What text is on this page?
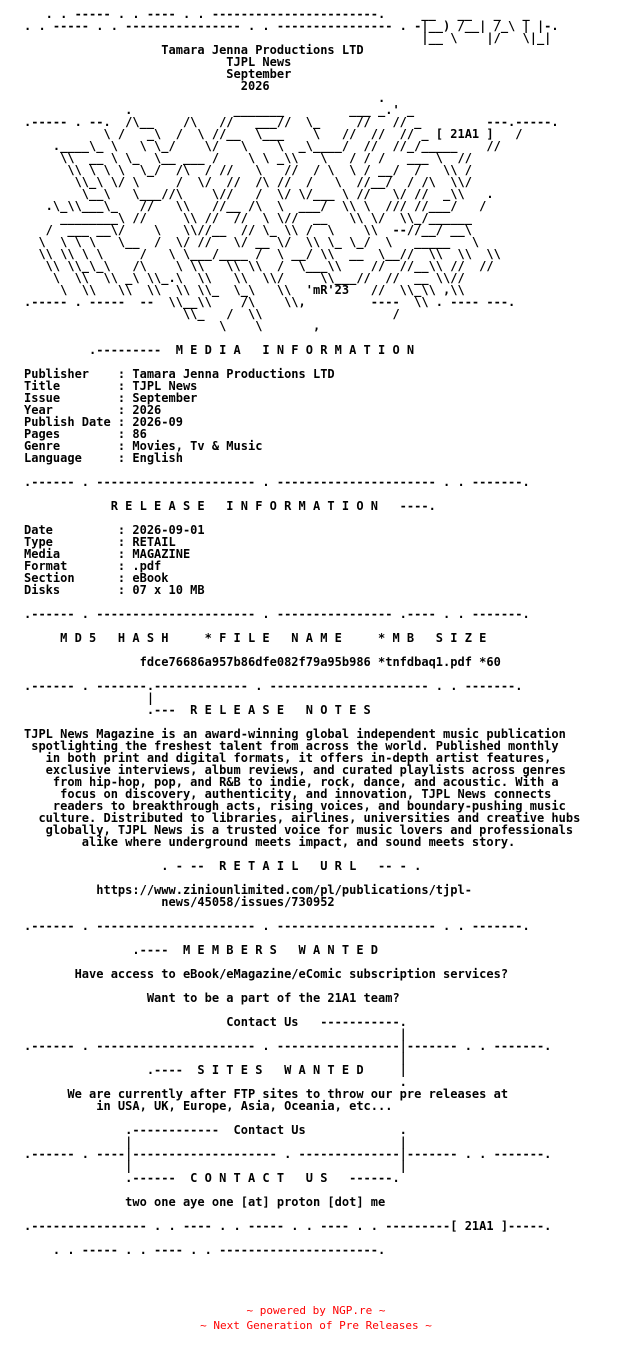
. . ----- . . ---- . . -----------------------.     __   __   _   _
. . ----- . . ---------------- . . ---------------- . -|__) /__| /_\ | |-.
|__ \    |/   \|_|
Tamara Jenna Productions LTD
TJPL News
September
2026
.
.              _______         ___ _.' _
.----- . --.  /\__    /\   //   ___//  \_     //   // _         ---.-----.
\ /   _\  /  \ //__  \___    \   //  //  // _ [ 21A1 ]   /
.____\_ \   \ \_/    \/   \    \  _\____/  //  //_/_____    //
\\  __ \ \_  \__ ___ /    \ \ _\\   \   / / /   ___ \  //
\\ \ \ \  \_/  /\  / //   \   //  / \  \ / __/  /   \\ /
\\_\ \/ \     /  \/  //  /\ //  /   \  //__/  / /\  \\/
\__\   \___//\    \//   /  \/ \/___ \ //   \/ //  _\\   .
.\_\\___\_   //   \\   //__ /\  \  ___/  \\ \  /// //___/   /
________\ //     \\ //  //  \ \//  __   \\ \/  \\_/______
/  ___ __\/    \   \\//__  // \_ \\ /  \    \\  --//__/ __\
\  \ \ \   \__  /  \/ //   \/ __ \/  \\ \_ \_/  \   _____   \
\\ \\ \ \     /   \ \___/____ /  \ __/ \\  __  \__//  \\  \\  \\
\\ \\_\_\   /\    \ \\   \\ \\  /  \___\\    //  //__\\ //  //
\  \\  \\ _\ \\_.\  \\   \\  \\/     \\___//  //  __ \\//
\  \\   \\  \\  \\ \\_  \_\   \\  'mR'23   //  \\_\\ ,\\
.----- . -----  --  \\__\\    /\    \\,         ----  \\ . ---- ---.
\\_   /  \\                  /
\    \       ,

.---------  M E D I A   I N F O R M A T I O N

Publisher    : Tamara Jenna Productions LTD
Title        : TJPL News
Issue        : September
Year         : 2026
Publish Date : 2026-09
Pages        : 86
Genre        : Movies, Tv & Music
Language     : English

.------ . ---------------------- . ---------------------- . . -------.

R E L E A S E   I N F O R M A T I O N   ----.

Date         : 2026-09-01
Type         : RETAIL
Media        : MAGAZINE
Format       : .pdf
Section      : eBook
Disks        : 07 x 10 MB

.------ . ---------------------- . ---------------- .---- . . -------.

M D 5   H A S H     * F I L E   N A M E     * M B   S I Z E

fdce76686a957b86dfe082f79a95b986 *tnfdbaq1.pdf *60

.------ . -------.------------- . ---------------------- . . -------.
|
.---  R E L E A S E   N O T E S

TJPL News Magazine is an award-winning global independent music publication
spotlighting the freshest talent from across the world. Published monthly
in both print and digital formats, it offers in-depth artist features,
exclusive interviews, album reviews, and curated playlists across genres
from hip-hop, pop, and R&B to indie, rock, dance, and acoustic. With a
focus on discovery, authenticity, and innovation, TJPL News connects
readers to breakthrough acts, rising voices, and boundary-pushing music
culture. Distributed to libraries, airlines, universities and creative hubs
globally, TJPL News is a trusted voice for music lovers and professionals
alike where underground meets impact, and sound meets story.

. - --  R E T A I L   U R L   -- - .

https://www.ziniounlimited.com/pl/publications/tjpl-
news/45058/issues/730952

.------ . ---------------------- . ---------------------- . . -------.

.----  M E M B E R S   W A N T E D

Have access to eBook/eMagazine/eComic subscription services?

Want to be a part of the 21A1 team?

Contact Us   -----------.
|
.------ . ---------------------- . -----------------|------- . . -------.
|
.----  S I T E S   W A N T E D     |
.
We are currently after FTP sites to throw our pre releases at
in USA, UK, Europe, Asia, Oceania, etc...

.------------  Contact Us             .
|                                     |
.------ . ----|-------------------- . --------------|------- . . -------.
|                                     |
.------  C O N T A C T   U S   ------.

two one aye one [at] proton [dot] me

.---------------- . . ---- . . ----- . . ---- . . ---------[ 21A1 ]-----.

. . ----- . . ---- . . ----------------------.
~ powered by NGP.re ~
~ Next Generation of Pre Releases ~
